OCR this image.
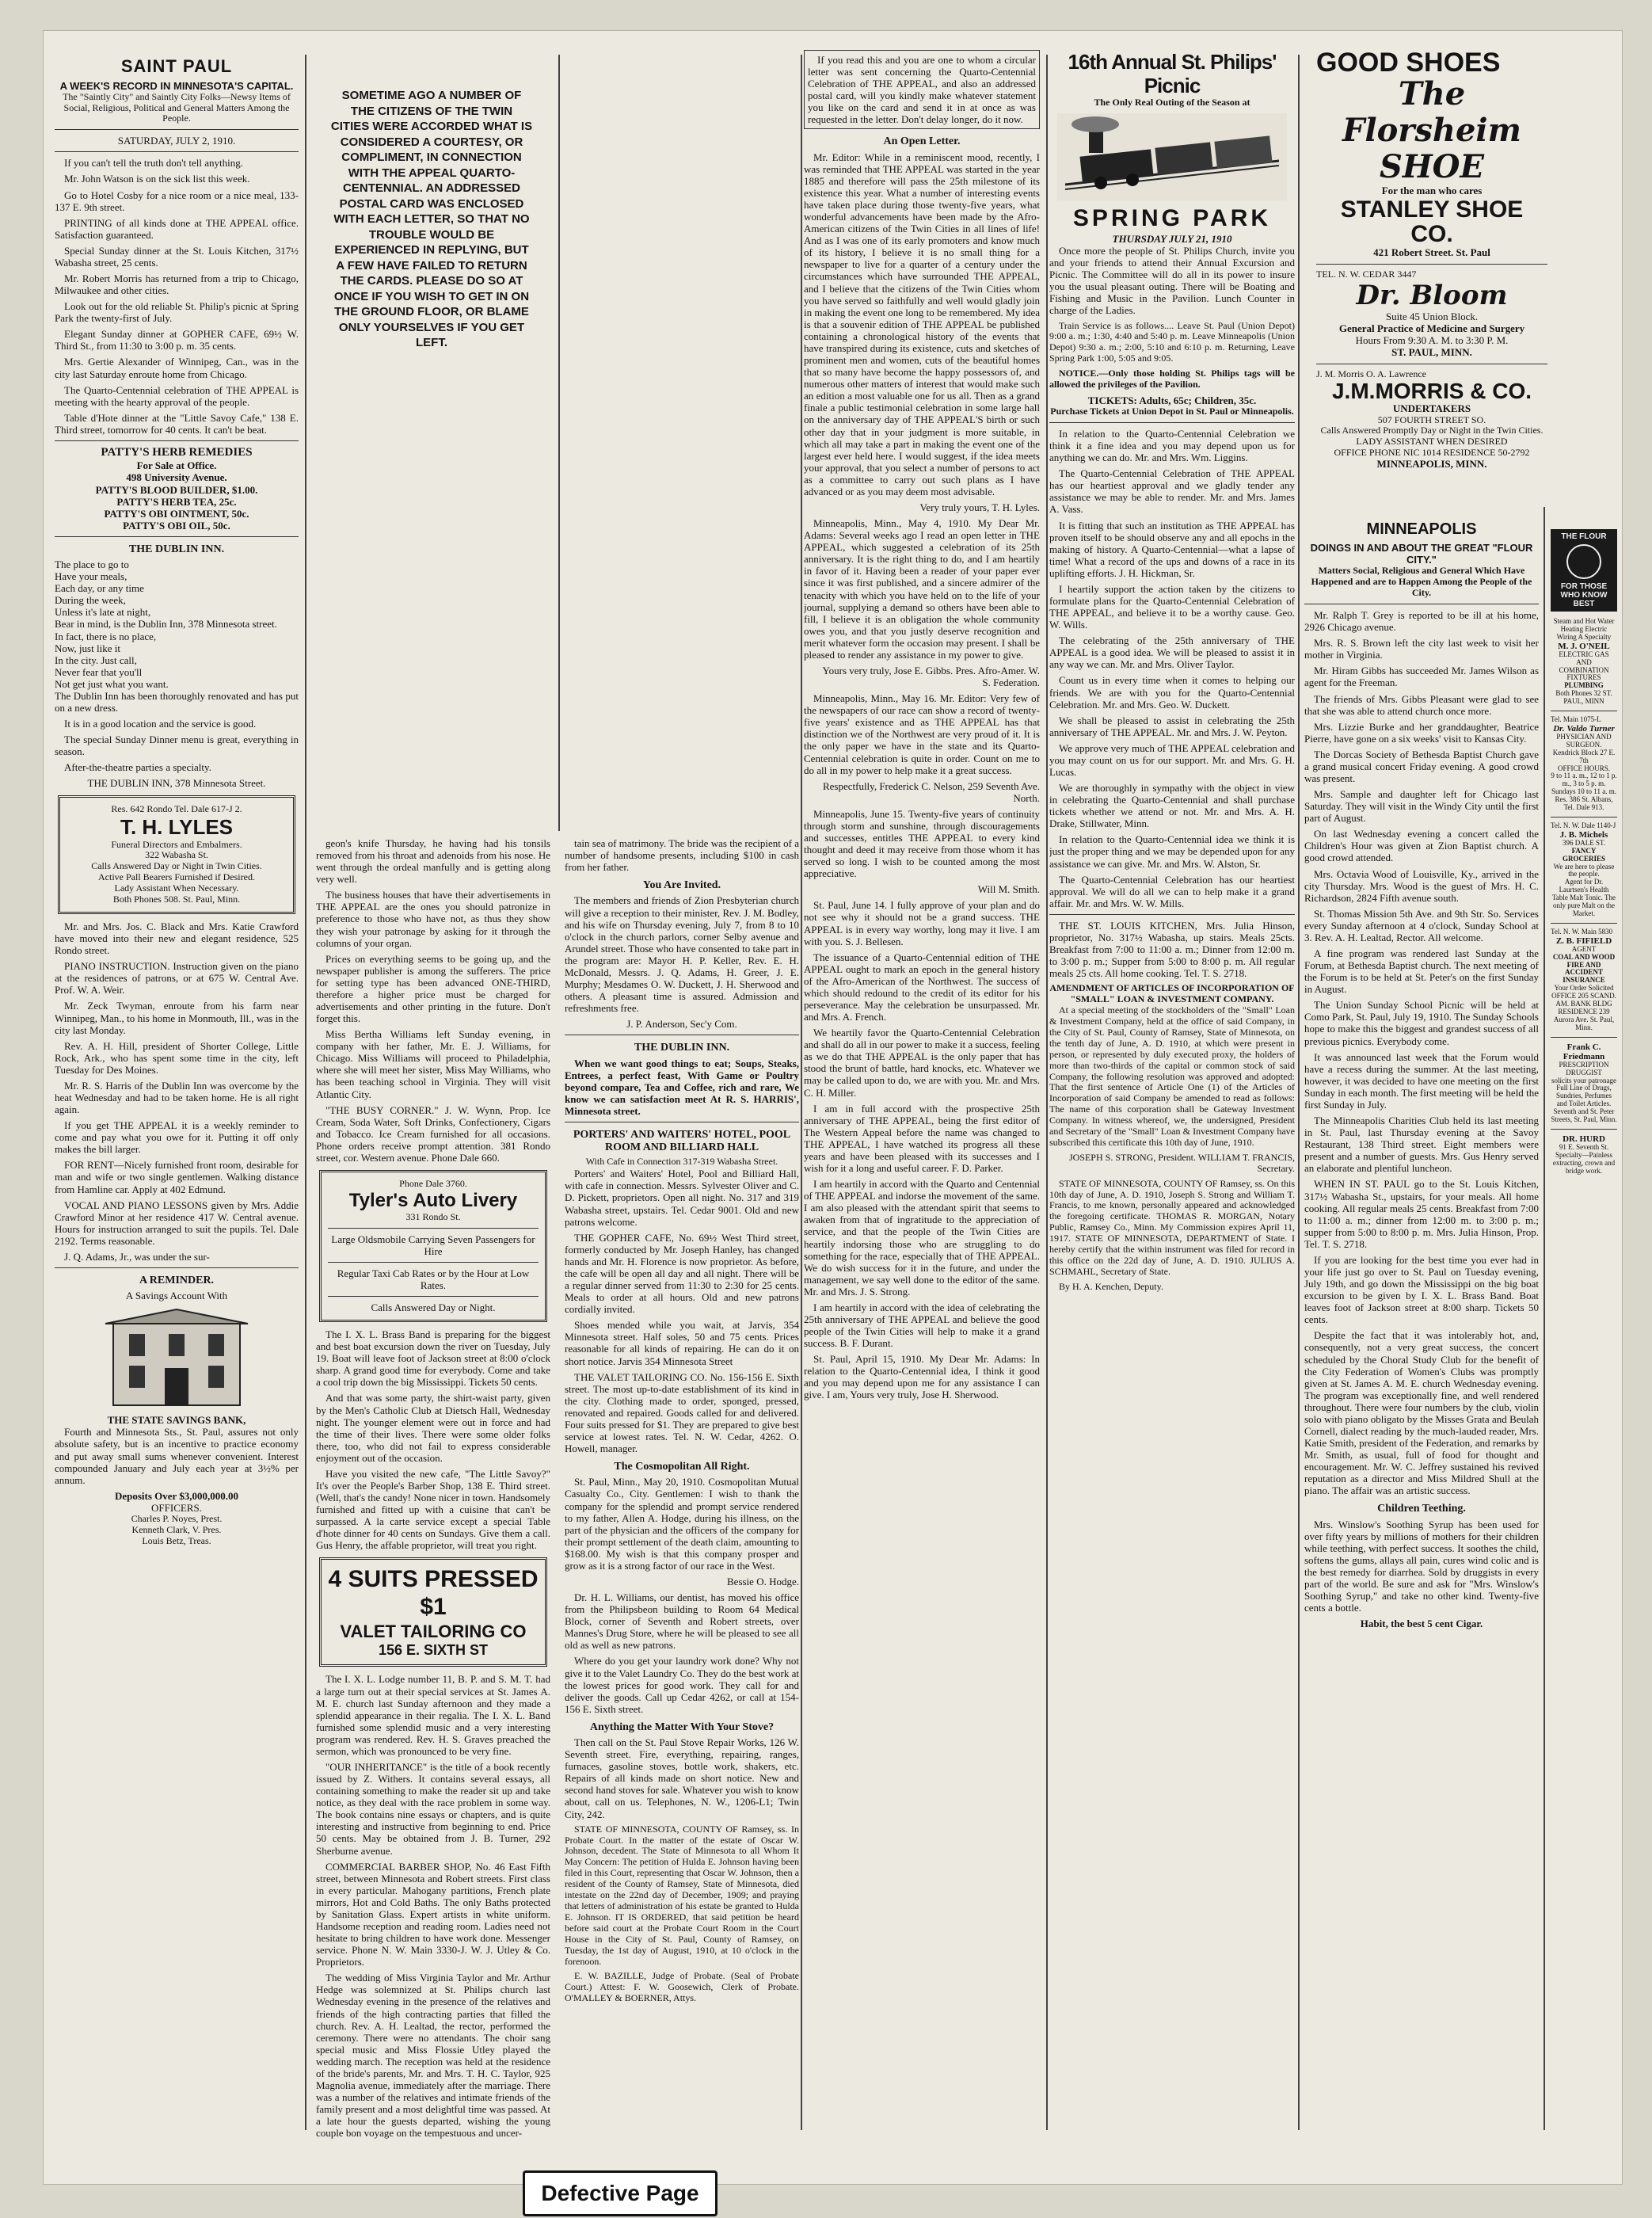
SAINT PAUL
A WEEK'S RECORD IN MINNESOTA'S CAPITAL.

The "Saintly City" and Saintly City Folks—Newsy Items of Social, Religious, Political and General Matters Among the People.

SATURDAY, JULY 2, 1910.

If you can't tell the truth don't tell anything.

Mr. John Watson is on the sick list this week.

Go to Hotel Cosby for a nice room or a nice meal, 133-137 E. 9th street.

PRINTING of all kinds done at THE APPEAL office. Satisfaction guaranteed.

Special Sunday dinner at the St. Louis Kitchen, 317½ Wabasha street, 25 cents.

Mr. Robert Morris has returned from a trip to Chicago, Milwaukee and other cities.

Look out for the old reliable St. Philip's picnic at Spring Park the twenty-first of July.

Elegant Sunday dinner at GOPHER CAFE, 69½ W. Third St., from 11:30 to 3:00 p. m. 35 cents.

Mrs. Gertie Alexander of Winnipeg, Can., was in the city last Saturday enroute home from Chicago.

The Quarto-Centennial celebration of THE APPEAL is meeting with the hearty approval of the people.

Table d'Hote dinner at the "Little Savoy Cafe," 138 E. Third street, tomorrow for 40 cents. It can't be beat.

PATTY'S HERB REMEDIES
For Sale at Office.
498 University Avenue.
PATTY'S BLOOD BUILDER, $1.00.
PATTY'S HERB TEA, 25c.
PATTY'S OBI OINTMENT, 50c.
PATTY'S OBI OIL, 50c.
THE DUBLIN INN.

The place to go to
Have your meals,
Each day, or any time
During the week,
Unless it's late at night,
Bear in mind, is the Dublin Inn, 378 Minnesota street.
In fact, there is no place,
Now, just like it
In the city. Just call,
Never fear that you'll
Not get just what you want.
The Dublin Inn has been thoroughly renovated and has put on a new dress.

It is in a good location and the service is good.

The special Sunday Dinner menu is great, everything in season.

After-the-theatre parties a specialty.

THE DUBLIN INN, 378 Minnesota Street.

Res. 642 Rondo Tel. Dale 617-J 2.
T. H. LYLES
Funeral Directors and Embalmers.
322 Wabasha St.
Calls Answered Day or Night in Twin Cities.
Active Pall Bearers Furnished if Desired.
Lady Assistant When Necessary.
Both Phones 508. St. Paul, Minn.

Mr. and Mrs. Jos. C. Black and Mrs. Katie Crawford have moved into their new and elegant residence, 525 Rondo street.

PIANO INSTRUCTION. Instruction given on the piano at the residences of patrons, or at 675 W. Central Ave. Prof. W. A. Weir.

Mr. Zeck Twyman, enroute from his farm near Winnipeg, Man., to his home in Monmouth, Ill., was in the city last Monday.

Rev. A. H. Hill, president of Shorter College, Little Rock, Ark., who has spent some time in the city, left Tuesday for Des Moines.

Mr. R. S. Harris of the Dublin Inn was overcome by the heat Wednesday and had to be taken home. He is all right again.

If you get THE APPEAL it is a weekly reminder to come and pay what you owe for it. Putting it off only makes the bill larger.

FOR RENT—Nicely furnished front room, desirable for man and wife or two single gentlemen. Walking distance from Hamline car. Apply at 402 Edmund.

VOCAL AND PIANO LESSONS given by Mrs. Addie Crawford Minor at her residence 417 W. Central avenue. Hours for instruction arranged to suit the pupils. Tel. Dale 2192. Terms reasonable.

J. Q. Adams, Jr., was under the sur-

A REMINDER.
A Savings Account With
THE STATE SAVINGS BANK,

Fourth and Minnesota Sts., St. Paul, assures not only absolute safety, but is an incentive to practice economy and put away small sums whenever convenient. Interest compounded January and July each year at 3½% per annum.

Deposits Over $3,000,000.00
OFFICERS.
Charles P. Noyes, Prest.
Kenneth Clark, V. Pres.
Louis Betz, Treas.
SOMETIME AGO A NUMBER OF THE CITIZENS OF THE TWIN CITIES WERE ACCORDED WHAT IS CONSIDERED A COURTESY, OR COMPLIMENT, IN CONNECTION WITH THE APPEAL QUARTO-CENTENNIAL. AN ADDRESSED POSTAL CARD WAS ENCLOSED WITH EACH LETTER, SO THAT NO TROUBLE WOULD BE EXPERIENCED IN REPLYING, BUT A FEW HAVE FAILED TO RETURN THE CARDS. PLEASE DO SO AT ONCE IF YOU WISH TO GET IN ON THE GROUND FLOOR, OR BLAME ONLY YOURSELVES IF YOU GET LEFT.

geon's knife Thursday, he having had his tonsils removed from his throat and adenoids from his nose. He went through the ordeal manfully and is getting along very well.

The business houses that have their advertisements in THE APPEAL are the ones you should patronize in preference to those who have not, as thus they show they wish your patronage by asking for it through the columns of your organ.

Prices on everything seems to be going up, and the newspaper publisher is among the sufferers. The price for setting type has been advanced ONE-THIRD, therefore a higher price must be charged for advertisements and other printing in the future. Don't forget this.

Miss Bertha Williams left Sunday evening, in company with her father, Mr. E. J. Williams, for Chicago. Miss Williams will proceed to Philadelphia, where she will meet her sister, Miss May Williams, who has been teaching school in Virginia. They will visit Atlantic City.

"THE BUSY CORNER." J. W. Wynn, Prop. Ice Cream, Soda Water, Soft Drinks, Confectionery, Cigars and Tobacco. Ice Cream furnished for all occasions. Phone orders receive prompt attention. 381 Rondo street, cor. Western avenue. Phone Dale 660.

Phone Dale 3760.
Tyler's Auto Livery
331 Rondo St.
Large Oldsmobile Carrying Seven Passengers for Hire
Regular Taxi Cab Rates or by the Hour at Low Rates.
Calls Answered Day or Night.

The I. X. L. Brass Band is preparing for the biggest and best boat excursion down the river on Tuesday, July 19. Boat will leave foot of Jackson street at 8:00 o'clock sharp. A grand good time for everybody. Come and take a cool trip down the big Mississippi. Tickets 50 cents.

And that was some party, the shirt-waist party, given by the Men's Catholic Club at Dietsch Hall, Wednesday night. The younger element were out in force and had the time of their lives. There were some older folks there, too, who did not fail to express considerable enjoyment out of the occasion.

Have you visited the new cafe, "The Little Savoy?" It's over the People's Barber Shop, 138 E. Third street. (Well, that's the candy! None nicer in town. Handsomely furnished and fitted up with a cuisine that can't be surpassed. A la carte service except a special Table d'hote dinner for 40 cents on Sundays. Give them a call. Gus Henry, the affable proprietor, will treat you right.

4 SUITS PRESSED $1
VALET TAILORING CO
156 E. SIXTH ST

The I. X. L. Lodge number 11, B. P. and S. M. T. had a large turn out at their special services at St. James A. M. E. church last Sunday afternoon and they made a splendid appearance in their regalia. The I. X. L. Band furnished some splendid music and a very interesting program was rendered. Rev. H. S. Graves preached the sermon, which was pronounced to be very fine.

"OUR INHERITANCE" is the title of a book recently issued by Z. Withers. It contains several essays, all containing something to make the reader sit up and take notice, as they deal with the race problem in some way. The book contains nine essays or chapters, and is quite interesting and instructive from beginning to end. Price 50 cents. May be obtained from J. B. Turner, 292 Sherburne avenue.

COMMERCIAL BARBER SHOP, No. 46 East Fifth street, between Minnesota and Robert streets. First class in every particular. Mahogany partitions, French plate mirrors, Hot and Cold Baths. The only Baths protected by Sanitation Glass. Expert artists in white uniform. Handsome reception and reading room. Ladies need not hesitate to bring children to have work done. Messenger service. Phone N. W. Main 3330-J. W. J. Utley & Co. Proprietors.

The wedding of Miss Virginia Taylor and Mr. Arthur Hedge was solemnized at St. Philips church last Wednesday evening in the presence of the relatives and friends of the high contracting parties that filled the church. Rev. A. H. Lealtad, the rector, performed the ceremony. There were no attendants. The choir sang special music and Miss Flossie Utley played the wedding march. The reception was held at the residence of the bride's parents, Mr. and Mrs. T. H. C. Taylor, 925 Magnolia avenue, immediately after the marriage. There was a number of the relatives and intimate friends of the family present and a most delightful time was passed. At a late hour the guests departed, wishing the young couple bon voyage on the tempestuous and uncer-

tain sea of matrimony. The bride was the recipient of a number of handsome presents, including $100 in cash from her father.

You Are Invited.

The members and friends of Zion Presbyterian church will give a reception to their minister, Rev. J. M. Bodley, and his wife on Thursday evening, July 7, from 8 to 10 o'clock in the church parlors, corner Selby avenue and Arundel street. Those who have consented to take part in the program are: Mayor H. P. Keller, Rev. E. H. McDonald, Messrs. J. Q. Adams, H. Greer, J. E. Murphy; Mesdames O. W. Duckett, J. H. Sherwood and others. A pleasant time is assured. Admission and refreshments free.

J. P. Anderson, Sec'y Com.

THE DUBLIN INN.

When we want good things to eat; Soups, Steaks, Entrees, a perfect feast, With Game or Poultry beyond compare, Tea and Coffee, rich and rare, We know we can satisfaction meet At R. S. HARRIS', Minnesota street.

PORTERS' AND WAITERS' HOTEL, POOL ROOM AND BILLIARD HALL
With Cafe in Connection 317-319 Wabasha Street.

Porters' and Waiters' Hotel, Pool and Billiard Hall, with cafe in connection. Messrs. Sylvester Oliver and C. D. Pickett, proprietors. Open all night. No. 317 and 319 Wabasha street, upstairs. Tel. Cedar 9001. Old and new patrons welcome.

THE GOPHER CAFE, No. 69½ West Third street, formerly conducted by Mr. Joseph Hanley, has changed hands and Mr. H. Florence is now proprietor. As before, the cafe will be open all day and all night. There will be a regular dinner served from 11:30 to 2:30 for 25 cents. Meals to order at all hours. Old and new patrons cordially invited.

Shoes mended while you wait, at Jarvis, 354 Minnesota street. Half soles, 50 and 75 cents. Prices reasonable for all kinds of repairing. He can do it on short notice. Jarvis 354 Minnesota Street

THE VALET TAILORING CO. No. 156-156 E. Sixth street. The most up-to-date establishment of its kind in the city. Clothing made to order, sponged, pressed, renovated and repaired. Goods called for and delivered. Four suits pressed for $1. They are prepared to give best service at lowest rates. Tel. N. W. Cedar, 4262. O. Howell, manager.

The Cosmopolitan All Right.

St. Paul, Minn., May 20, 1910. Cosmopolitan Mutual Casualty Co., City. Gentlemen: I wish to thank the company for the splendid and prompt service rendered to my father, Allen A. Hodge, during his illness, on the part of the physician and the officers of the company for their prompt settlement of the death claim, amounting to $168.00. My wish is that this company prosper and grow as it is a strong factor of our race in the West.

Bessie O. Hodge.

Dr. H. L. Williams, our dentist, has moved his office from the Philipsbeon building to Room 64 Medical Block, corner of Seventh and Robert streets, over Mannes's Drug Store, where he will be pleased to see all old as well as new patrons.

Where do you get your laundry work done? Why not give it to the Valet Laundry Co. They do the best work at the lowest prices for good work. They call for and deliver the goods. Call up Cedar 4262, or call at 154-156 E. Sixth street.

Anything the Matter With Your Stove?

Then call on the St. Paul Stove Repair Works, 126 W. Seventh street. Fire, everything, repairing, ranges, furnaces, gasoline stoves, bottle work, shakers, etc. Repairs of all kinds made on short notice. New and second hand stoves for sale. Whatever you wish to know about, call on us. Telephones, N. W., 1206-L1; Twin City, 242.

STATE OF MINNESOTA, COUNTY OF Ramsey, ss. In Probate Court. In the matter of the estate of Oscar W. Johnson, decedent. The State of Minnesota to all Whom It May Concern: The petition of Hulda E. Johnson having been filed in this Court, representing that Oscar W. Johnson, then a resident of the County of Ramsey, State of Minnesota, died intestate on the 22nd day of December, 1909; and praying that letters of administration of his estate be granted to Hulda E. Johnson. IT IS ORDERED, that said petition be heard before said court at the Probate Court Room in the Court House in the City of St. Paul, County of Ramsey, on Tuesday, the 1st day of August, 1910, at 10 o'clock in the forenoon.

E. W. BAZILLE, Judge of Probate. (Seal of Probate Court.) Attest: F. W. Goosewich, Clerk of Probate. O'MALLEY & BOERNER, Attys.

If you read this and you are one to whom a circular letter was sent concerning the Quarto-Centennial Celebration of THE APPEAL, and also an addressed postal card, will you kindly make whatever statement you like on the card and send it in at once as was requested in the letter. Don't delay longer, do it now.

An Open Letter.

Mr. Editor: While in a reminiscent mood, recently, I was reminded that THE APPEAL was started in the year 1885 and therefore will pass the 25th milestone of its existence this year. What a number of interesting events have taken place during those twenty-five years, what wonderful advancements have been made by the Afro-American citizens of the Twin Cities in all lines of life! And as I was one of its early promoters and know much of its history, I believe it is no small thing for a newspaper to live for a quarter of a century under the circumstances which have surrounded THE APPEAL, and I believe that the citizens of the Twin Cities whom you have served so faithfully and well would gladly join in making the event one long to be remembered. My idea is that a souvenir edition of THE APPEAL be published containing a chronological history of the events that have transpired during its existence, cuts and sketches of prominent men and women, cuts of the beautiful homes that so many have become the happy possessors of, and numerous other matters of interest that would make such an edition a most valuable one for us all. Then as a grand finale a public testimonial celebration in some large hall on the anniversary day of THE APPEAL'S birth or such other day that in your judgment is more suitable, in which all may take a part in making the event one of the largest ever held here. I would suggest, if the idea meets your approval, that you select a number of persons to act as a committee to carry out such plans as I have advanced or as you may deem most advisable.

Very truly yours, T. H. Lyles.

Minneapolis, Minn., May 4, 1910. My Dear Mr. Adams: Several weeks ago I read an open letter in THE APPEAL, which suggested a celebration of its 25th anniversary. It is the right thing to do, and I am heartily in favor of it. Having been a reader of your paper ever since it was first published, and a sincere admirer of the tenacity with which you have held on to the life of your journal, supplying a demand so others have been able to fill, I believe it is an obligation the whole community owes you, and that you justly deserve recognition and merit whatever form the occasion may present. I shall be pleased to render any assistance in my power to give.

Yours very truly, Jose E. Gibbs. Pres. Afro-Amer. W. S. Federation.

Minneapolis, Minn., May 16. Mr. Editor: Very few of the newspapers of our race can show a record of twenty-five years' existence and as THE APPEAL has that distinction we of the Northwest are very proud of it. It is the only paper we have in the state and its Quarto-Centennial celebration is quite in order. Count on me to do all in my power to help make it a great success.

Respectfully, Frederick C. Nelson, 259 Seventh Ave. North.

Minneapolis, June 15. Twenty-five years of continuity through storm and sunshine, through discouragements and successes, entitles THE APPEAL to every kind thought and deed it may receive from those whom it has served so long. I wish to be counted among the most appreciative.

Will M. Smith.

St. Paul, June 14. I fully approve of your plan and do not see why it should not be a grand success. THE APPEAL is in every way worthy, long may it live. I am with you. S. J. Bellesen.

The issuance of a Quarto-Centennial edition of THE APPEAL ought to mark an epoch in the general history of the Afro-American of the Northwest. The success of which should redound to the credit of its editor for his perseverance. May the celebration be unsurpassed. Mr. and Mrs. A. French.

We heartily favor the Quarto-Centennial Celebration and shall do all in our power to make it a success, feeling as we do that THE APPEAL is the only paper that has stood the brunt of battle, hard knocks, etc. Whatever we may be called upon to do, we are with you. Mr. and Mrs. C. H. Miller.

I am in full accord with the prospective 25th anniversary of THE APPEAL, being the first editor of The Western Appeal before the name was changed to THE APPEAL, I have watched its progress all these years and have been pleased with its successes and I wish for it a long and useful career. F. D. Parker.

I am heartily in accord with the Quarto and Centennial of THE APPEAL and indorse the movement of the same. I am also pleased with the attendant spirit that seems to awaken from that of ingratitude to the appreciation of service, and that the people of the Twin Cities are heartily indorsing those who are struggling to do something for the race, especially that of THE APPEAL. We do wish success for it in the future, and under the management, we say well done to the editor of the same. Mr. and Mrs. J. S. Strong.

I am heartily in accord with the idea of celebrating the 25th anniversary of THE APPEAL and believe the good people of the Twin Cities will help to make it a grand success. B. F. Durant.

St. Paul, April 15, 1910. My Dear Mr. Adams: In relation to the Quarto-Centennial idea, I think it good and you may depend upon me for any assistance I can give. I am, Yours very truly, Jose H. Sherwood.

16th Annual St. Philips' Picnic
The Only Real Outing of the Season at
SPRING PARK
THURSDAY JULY 21, 1910

Once more the people of St. Philips Church, invite you and your friends to attend their Annual Excursion and Picnic. The Committee will do all in its power to insure you the usual pleasant outing. There will be Boating and Fishing and Music in the Pavilion. Lunch Counter in charge of the Ladies.

Train Service is as follows.... Leave St. Paul (Union Depot) 9:00 a. m.; 1:30, 4:40 and 5:40 p. m. Leave Minneapolis (Union Depot) 9:30 a. m.; 2:00, 5:10 and 6:10 p. m. Returning, Leave Spring Park 1:00, 5:05 and 9:05.

NOTICE.—Only those holding St. Philips tags will be allowed the privileges of the Pavilion.

TICKETS: Adults, 65c; Children, 35c.
Purchase Tickets at Union Depot in St. Paul or Minneapolis.

In relation to the Quarto-Centennial Celebration we think it a fine idea and you may depend upon us for anything we can do. Mr. and Mrs. Wm. Liggins.

The Quarto-Centennial Celebration of THE APPEAL has our heartiest approval and we gladly tender any assistance we may be able to render. Mr. and Mrs. James A. Vass.

It is fitting that such an institution as THE APPEAL has proven itself to be should observe any and all epochs in the making of history. A Quarto-Centennial—what a lapse of time! What a record of the ups and downs of a race in its uplifting efforts. J. H. Hickman, Sr.

I heartily support the action taken by the citizens to formulate plans for the Quarto-Centennial Celebration of THE APPEAL, and believe it to be a worthy cause. Geo. W. Wills.

The celebrating of the 25th anniversary of THE APPEAL is a good idea. We will be pleased to assist it in any way we can. Mr. and Mrs. Oliver Taylor.

Count us in every time when it comes to helping our friends. We are with you for the Quarto-Centennial Celebration. Mr. and Mrs. Geo. W. Duckett.

We shall be pleased to assist in celebrating the 25th anniversary of THE APPEAL. Mr. and Mrs. J. W. Peyton.

We approve very much of THE APPEAL celebration and you may count on us for our support. Mr. and Mrs. G. H. Lucas.

We are thoroughly in sympathy with the object in view in celebrating the Quarto-Centennial and shall purchase tickets whether we attend or not. Mr. and Mrs. A. H. Drake, Stillwater, Minn.

In relation to the Quarto-Centennial idea we think it is just the proper thing and we may be depended upon for any assistance we can give. Mr. and Mrs. W. Alston, Sr.

The Quarto-Centennial Celebration has our heartiest approval. We will do all we can to help make it a grand affair. Mr. and Mrs. W. W. Mills.

THE ST. LOUIS KITCHEN, Mrs. Julia Hinson, proprietor, No. 317½ Wabasha, up stairs. Meals 25cts. Breakfast from 7:00 to 11:00 a. m.; Dinner from 12:00 m. to 3:00 p. m.; Supper from 5:00 to 8:00 p. m. All regular meals 25 cts. All home cooking. Tel. T. S. 2718.

AMENDMENT OF ARTICLES OF INCORPORATION OF "SMALL" LOAN & INVESTMENT COMPANY.

At a special meeting of the stockholders of the "Small" Loan & Investment Company, held at the office of said Company, in the City of St. Paul, County of Ramsey, State of Minnesota, on the tenth day of June, A. D. 1910, at which were present in person, or represented by duly executed proxy, the holders of more than two-thirds of the capital or common stock of said Company, the following resolution was approved and adopted: That the first sentence of Article One (1) of the Articles of Incorporation of said Company be amended to read as follows: The name of this corporation shall be Gateway Investment Company. In witness whereof, we, the undersigned, President and Secretary of the "Small" Loan & Investment Company have subscribed this certificate this 10th day of June, 1910.

JOSEPH S. STRONG, President. WILLIAM T. FRANCIS, Secretary.

STATE OF MINNESOTA, COUNTY OF Ramsey, ss. On this 10th day of June, A. D. 1910, Joseph S. Strong and William T. Francis, to me known, personally appeared and acknowledged the foregoing certificate. THOMAS R. MORGAN, Notary Public, Ramsey Co., Minn. My Commission expires April 11, 1917. STATE OF MINNESOTA, DEPARTMENT of State. I hereby certify that the within instrument was filed for record in this office on the 22d day of June, A. D. 1910. JULIUS A. SCHMAHL, Secretary of State.

By H. A. Kenchen, Deputy.

MINNEAPOLIS
DOINGS IN AND ABOUT THE GREAT "FLOUR CITY."

Matters Social, Religious and General Which Have Happened and are to Happen Among the People of the City.

Mr. Ralph T. Grey is reported to be ill at his home, 2926 Chicago avenue.

Mrs. R. S. Brown left the city last week to visit her mother in Virginia.

Mr. Hiram Gibbs has succeeded Mr. James Wilson as agent for the Freeman.

The friends of Mrs. Gibbs Pleasant were glad to see that she was able to attend church once more.

Mrs. Lizzie Burke and her granddaughter, Beatrice Pierre, have gone on a six weeks' visit to Kansas City.

The Dorcas Society of Bethesda Baptist Church gave a grand musical concert Friday evening. A good crowd was present.

Mrs. Sample and daughter left for Chicago last Saturday. They will visit in the Windy City until the first part of August.

On last Wednesday evening a concert called the Children's Hour was given at Zion Baptist church. A good crowd attended.

Mrs. Octavia Wood of Louisville, Ky., arrived in the city Thursday. Mrs. Wood is the guest of Mrs. H. C. Richardson, 2824 Fifth avenue south.

St. Thomas Mission 5th Ave. and 9th Str. So. Services every Sunday afternoon at 4 o'clock, Sunday School at 3. Rev. A. H. Lealtad, Rector. All welcome.

A fine program was rendered last Sunday at the Forum, at Bethesda Baptist church. The next meeting of the Forum is to be held at St. Peter's on the first Sunday in August.

The Union Sunday School Picnic will be held at Como Park, St. Paul, July 19, 1910. The Sunday Schools hope to make this the biggest and grandest success of all previous picnics. Everybody come.

It was announced last week that the Forum would have a recess during the summer. At the last meeting, however, it was decided to have one meeting on the first Sunday in each month. The first meeting will be held the first Sunday in July.

The Minneapolis Charities Club held its last meeting in St. Paul, last Thursday evening at the Savoy Restaurant, 138 Third street. Eight members were present and a number of guests. Mrs. Gus Henry served an elaborate and plentiful luncheon.

WHEN IN ST. PAUL go to the St. Louis Kitchen, 317½ Wabasha St., upstairs, for your meals. All home cooking. All regular meals 25 cents. Breakfast from 7:00 to 11:00 a. m.; dinner from 12:00 m. to 3:00 p. m.; supper from 5:00 to 8:00 p. m. Mrs. Julia Hinson, Prop. Tel. T. S. 2718.

If you are looking for the best time you ever had in your life just go over to St. Paul on Tuesday evening, July 19th, and go down the Mississippi on the big boat excursion to be given by I. X. L. Brass Band. Boat leaves foot of Jackson street at 8:00 sharp. Tickets 50 cents.

Despite the fact that it was intolerably hot, and, consequently, not a very great success, the concert scheduled by the Choral Study Club for the benefit of the City Federation of Women's Clubs was promptly given at St. James A. M. E. church Wednesday evening. The program was exceptionally fine, and well rendered throughout. There were four numbers by the club, violin solo with piano obligato by the Misses Grata and Beulah Cornell, dialect reading by the much-lauded reader, Mrs. Katie Smith, president of the Federation, and remarks by Mr. Smith, as usual, full of food for thought and encouragement. Mr. W. C. Jeffrey sustained his revived reputation as a director and Miss Mildred Shull at the piano. The affair was an artistic success.

Children Teething.

Mrs. Winslow's Soothing Syrup has been used for over fifty years by millions of mothers for their children while teething, with perfect success. It soothes the child, softens the gums, allays all pain, cures wind colic and is the best remedy for diarrhea. Sold by druggists in every part of the world. Be sure and ask for "Mrs. Winslow's Soothing Syrup," and take no other kind. Twenty-five cents a bottle.

Habit, the best 5 cent Cigar.
GOOD SHOES
The Florsheim SHOE
For the man who cares
STANLEY SHOE CO.
421 Robert Street. St. Paul
TEL. N. W. CEDAR 3447
Dr. Bloom
Suite 45 Union Block.
General Practice of Medicine and Surgery
Hours From 9:30 A. M. to 3:30 P. M.
ST. PAUL, MINN.
J. M. Morris O. A. Lawrence
J.M.MORRIS & CO.
UNDERTAKERS
507 FOURTH STREET SO.
Calls Answered Promptly Day or Night in the Twin Cities.
LADY ASSISTANT WHEN DESIRED
OFFICE PHONE NIC 1014 RESIDENCE 50-2792
MINNEAPOLIS, MINN.
Defective Page
THE FLOUR
FOR THOSE WHO KNOW BEST
Steam and Hot Water Heating Electric Wiring A Specialty
M. J. O'NEIL
ELECTRIC GAS AND COMBINATION FIXTURES
PLUMBING
Both Phones 32 ST. PAUL, MINN
Tel. Main 1075-L
Dr. Valdo Turner
PHYSICIAN AND SURGEON.
Kendrick Block 27 E. 7th
OFFICE HOURS.
9 to 11 a. m., 12 to 1 p. m., 3 to 5 p. m. Sundays 10 to 11 a. m.
Res. 386 St. Albans, Tel. Dale 913.
Tel. N. W. Dale 1140-J
J. B. Michels
396 DALE ST.
FANCY GROCERIES
We are here to please the people.
Agent for Dr. Laurtsen's Health Table Malt Tonic. The only pure Malt on the Market.
Tel. N. W. Main 5830
Z. B. FIFIELD
AGENT
COAL AND WOOD FIRE AND ACCIDENT INSURANCE
Your Order Solicited
OFFICE 205 SCAND. AM. BANK BLDG
RESIDENCE 239 Aurora Ave. St. Paul, Minn.
Frank C. Friedmann
PRESCRIPTION DRUGGIST
solicits your patronage
Full Line of Drugs, Sundries, Perfumes and Toilet Articles.
Seventh and St. Peter Streets, St. Paul, Minn.
DR. HURD
91 E. Seventh St.
Specialty—Painless extracting, crown and bridge work.
